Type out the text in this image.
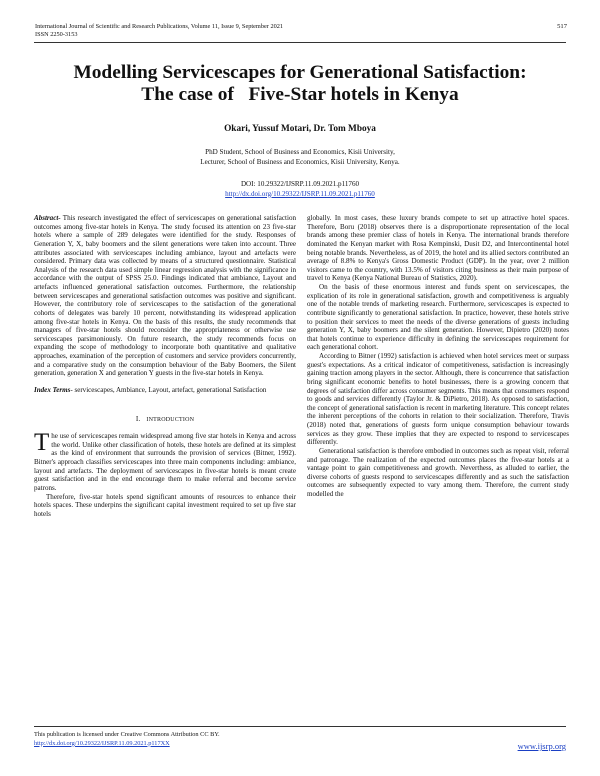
International Journal of Scientific and Research Publications, Volume 11, Issue 9, September 2021
ISSN 2250-3153
517
Modelling Servicescapes for Generational Satisfaction:
The case of   Five-Star hotels in Kenya
Okari, Yussuf Motari, Dr. Tom Mboya
PhD Student, School of Business and Economics, Kisii University,
Lecturer, School of Business and Economics, Kisii University, Kenya.
DOI: 10.29322/IJSRP.11.09.2021.p11760
http://dx.doi.org/10.29322/IJSRP.11.09.2021.p11760

Abstract- This research investigated the effect of servicescapes on generational satisfaction outcomes among five-star hotels in Kenya. The study focused its attention on 23 five-star hotels where a sample of 289 delegates were identified for the study. Responses of Generation Y, X, baby boomers and the silent generations were taken into account. Three attributes associated with servicescapes including ambiance, layout and artefacts were considered. Primary data was collected by means of a structured questionnaire. Statistical Analysis of the research data used simple linear regression analysis with the significance in accordance with the output of SPSS 25.0. Findings indicated that ambiance, Layout and artefacts influenced generational satisfaction outcomes. Furthermore, the relationship between servicescapes and generational satisfaction outcomes was positive and significant. However, the contributory role of servicescapes to the satisfaction of the generational cohorts of delegates was barely 10 percent, notwithstanding its widespread application among five-star hotels in Kenya. On the basis of this results, the study recommends that managers of five-star hotels should reconsider the appropriateness or otherwise use servicescapes parsimoniously. On future research, the study recommends focus on expanding the scope of methodology to incorporate both quantitative and qualitative approaches, examination of the perception of customers and service providers concurrently, and a comparative study on the consumption behaviour of the Baby Boomers, the Silent generation, generation X and generation Y guests in the five-star hotels in Kenya.

Index Terms- servicescapes, Ambiance, Layout, artefact, generational Satisfaction

I. INTRODUCTION

The use of servicescapes remain widespread among five star hotels in Kenya and across the world. Unlike other classification of hotels, these hotels are defined at its simplest as the kind of environment that surrounds the provision of services (Bitner, 1992). Bitner's approach classifies servicescapes into three main components including: ambiance, layout and artefacts. The deployment of servicescapes in five-star hotels is meant create guest satisfaction and in the end encourage them to make referral and become service patrons.

Therefore, five-star hotels spend significant amounts of resources to enhance their hotels spaces. These underpins the significant capital investment required to set up five star hotels

globally. In most cases, these luxury brands compete to set up attractive hotel spaces. Therefore, Boru (2018) observes there is a disproportionate representation of the local brands among these premier class of hotels in Kenya. The international brands therefore dominated the Kenyan market with Rosa Kempinski, Dusit D2, and Intercontinental hotel being notable brands. Nevertheless, as of 2019, the hotel and its allied sectors contributed an average of 8.8% to Kenya's Gross Domestic Product (GDP). In the year, over 2 million visitors came to the country, with 13.5% of visitors citing business as their main purpose of travel to Kenya (Kenya National Bureau of Statistics, 2020).

On the basis of these enormous interest and funds spent on servicescapes, the explication of its role in generational satisfaction, growth and competitiveness is arguably one of the notable trends of marketing research. Furthermore, servicescapes is expected to contribute significantly to generational satisfaction. In practice, however, these hotels strive to position their services to meet the needs of the diverse generations of guests including generation Y, X, baby boomers and the silent generation. However, Dipietro (2020) notes that hotels continue to experience difficulty in defining the servicescapes requirement for each generational cohort.

According to Bitner (1992) satisfaction is achieved when hotel services meet or surpass guest's expectations. As a critical indicator of competitiveness, satisfaction is increasingly gaining traction among players in the sector. Although, there is concurrence that satisfaction bring significant economic benefits to hotel businesses, there is a growing concern that degrees of satisfaction differ across consumer segments. This means that consumers respond to goods and services differently (Taylor Jr. & DiPietro, 2018). As opposed to satisfaction, the concept of generational satisfaction is recent in marketing literature. This concept relates the inherent perceptions of the cohorts in relation to their socialization. Therefore, Travis (2018) noted that, generations of guests form unique consumption behaviour towards services as they grow. These implies that they are expected to respond to servicescapes differently.

Generational satisfaction is therefore embodied in outcomes such as repeat visit, referral and patronage. The realization of the expected outcomes places the five-star hotels at a vantage point to gain competitiveness and growth. Neverthess, as alluded to earlier, the diverse cohorts of guests respond to servicescapes differently and as such the satisfaction outcomes are subsequently expected to vary among them. Therefore, the current study modelled the

This publication is licensed under Creative Commons Attribution CC BY.
http://dx.doi.org/10.29322/IJSRP.11.09.2021.p117XX	www.ijsrp.org
